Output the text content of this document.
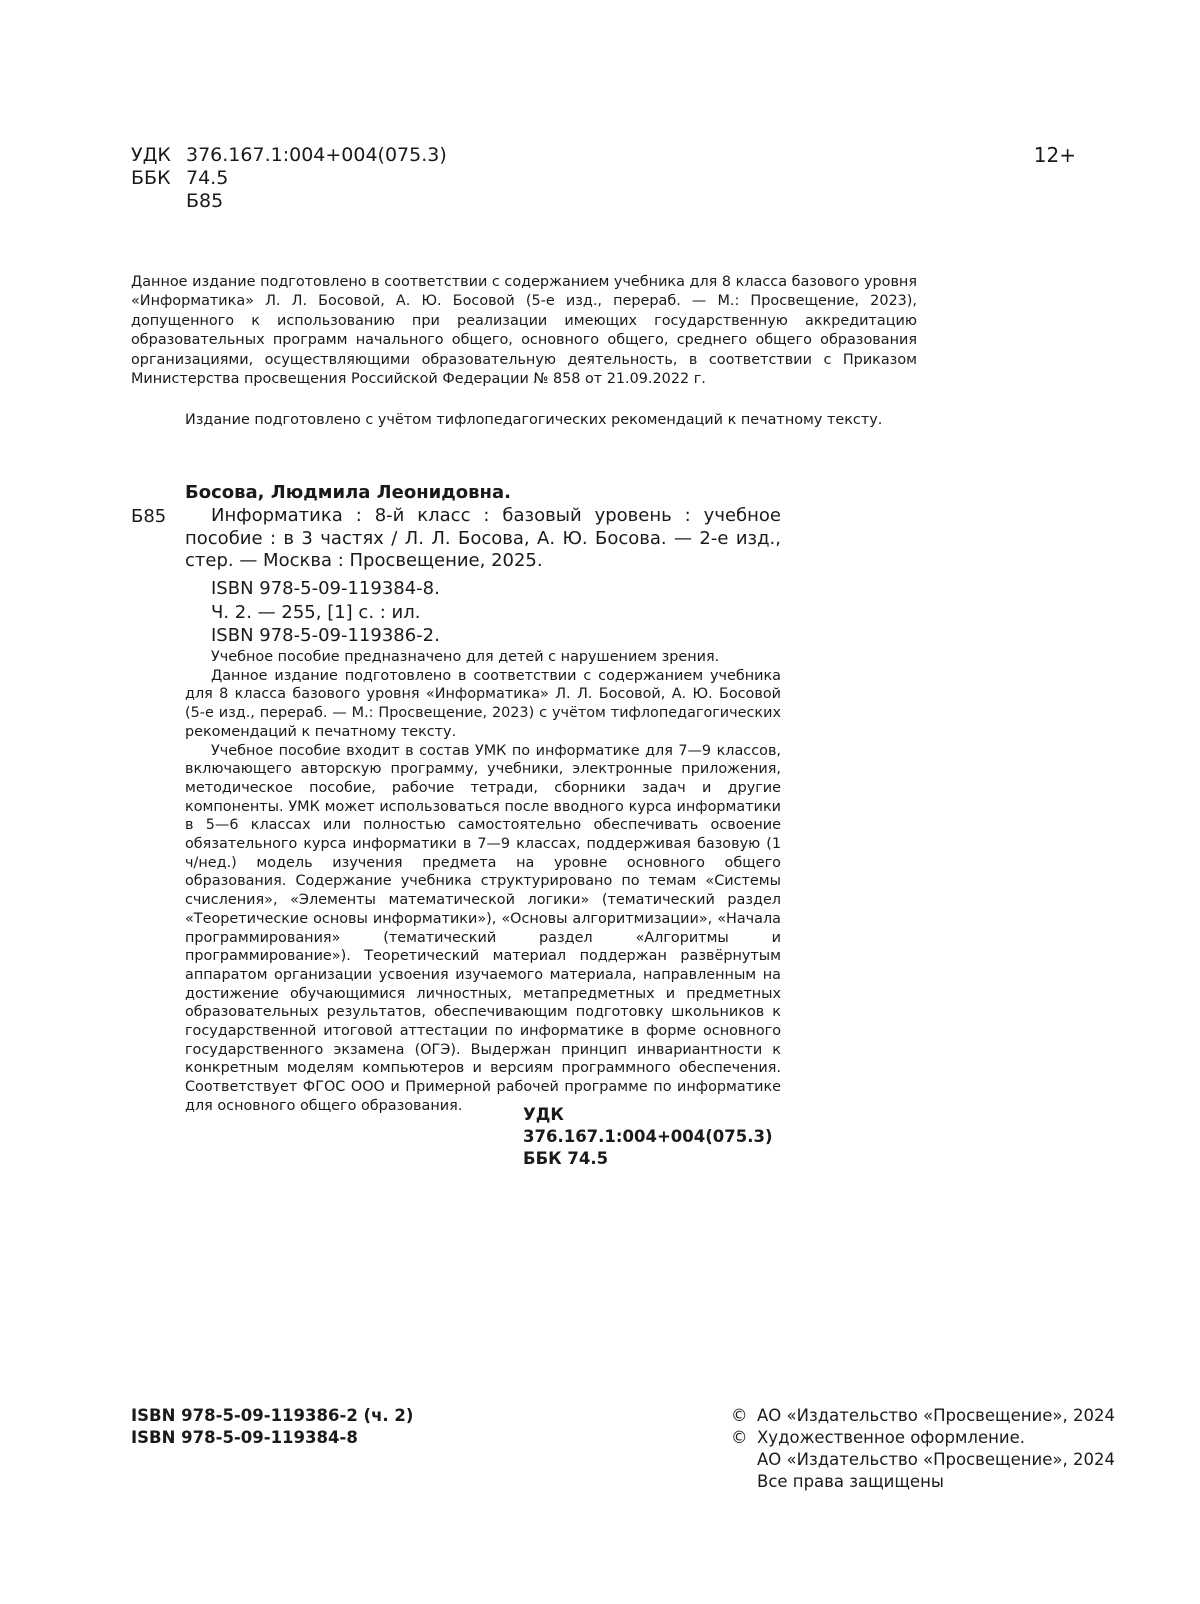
УДК 376.167.1:004+004(075.3)
ББК 74.5
Б85
12+
Данное издание подготовлено в соответствии с содержанием учебника для 8 класса базового уровня «Информатика» Л. Л. Босовой, А. Ю. Босовой (5-е изд., перераб. — М.: Просвещение, 2023), допущенного к использованию при реализации имеющих государственную аккредитацию образовательных программ начального общего, основного общего, среднего общего образования организациями, осуществляющими образовательную деятельность, в соответствии с Приказом Министерства просвещения Российской Федерации № 858 от 21.09.2022 г.
Издание подготовлено с учётом тифлопедагогических рекомендаций к печатному тексту.
Босова, Людмила Леонидовна.
Б85	Информатика : 8-й класс : базовый уровень : учебное пособие : в 3 частях / Л. Л. Босова, А. Ю. Босова. — 2-е изд., стер. — Москва : Просвещение, 2025.
ISBN 978-5-09-119384-8.
Ч. 2. — 255, [1] с. : ил.
ISBN 978-5-09-119386-2.

Учебное пособие предназначено для детей с нарушением зрения.

Данное издание подготовлено в соответствии с содержанием учебника для 8 класса базового уровня «Информатика» Л. Л. Босовой, А. Ю. Босовой (5-е изд., перераб. — М.: Просвещение, 2023) с учётом тифлопедагогических рекомендаций к печатному тексту.

Учебное пособие входит в состав УМК по информатике для 7—9 классов, включающего авторскую программу, учебники, электронные приложения, методическое пособие, рабочие тетради, сборники задач и другие компоненты. УМК может использоваться после вводного курса информатики в 5—6 классах или полностью самостоятельно обеспечивать освоение обязательного курса информатики в 7—9 классах, поддерживая базовую (1 ч/нед.) модель изучения предмета на уровне основного общего образования. Содержание учебника структурировано по темам «Системы счисления», «Элементы математической логики» (тематический раздел «Теоретические основы информатики»), «Основы алгоритмизации», «Начала программирования» (тематический раздел «Алгоритмы и программирование»). Теоретический материал поддержан развёрнутым аппаратом организации усвоения изучаемого материала, направленным на достижение обучающимися личностных, метапредметных и предметных образовательных результатов, обеспечивающим подготовку школьников к государственной итоговой аттестации по информатике в форме основного государственного экзамена (ОГЭ). Выдержан принцип инвариантности к конкретным моделям компьютеров и версиям программного обеспечения. Соответствует ФГОС ООО и Примерной рабочей программе по информатике для основного общего образования.	УДК 376.167.1:004+004(075.3)
ББК 74.5
ISBN 978-5-09-119386-2 (ч. 2)
ISBN 978-5-09-119384-8
© АО «Издательство «Просвещение», 2024
© Художественное оформление.
АО «Издательство «Просвещение», 2024
Все права защищены
